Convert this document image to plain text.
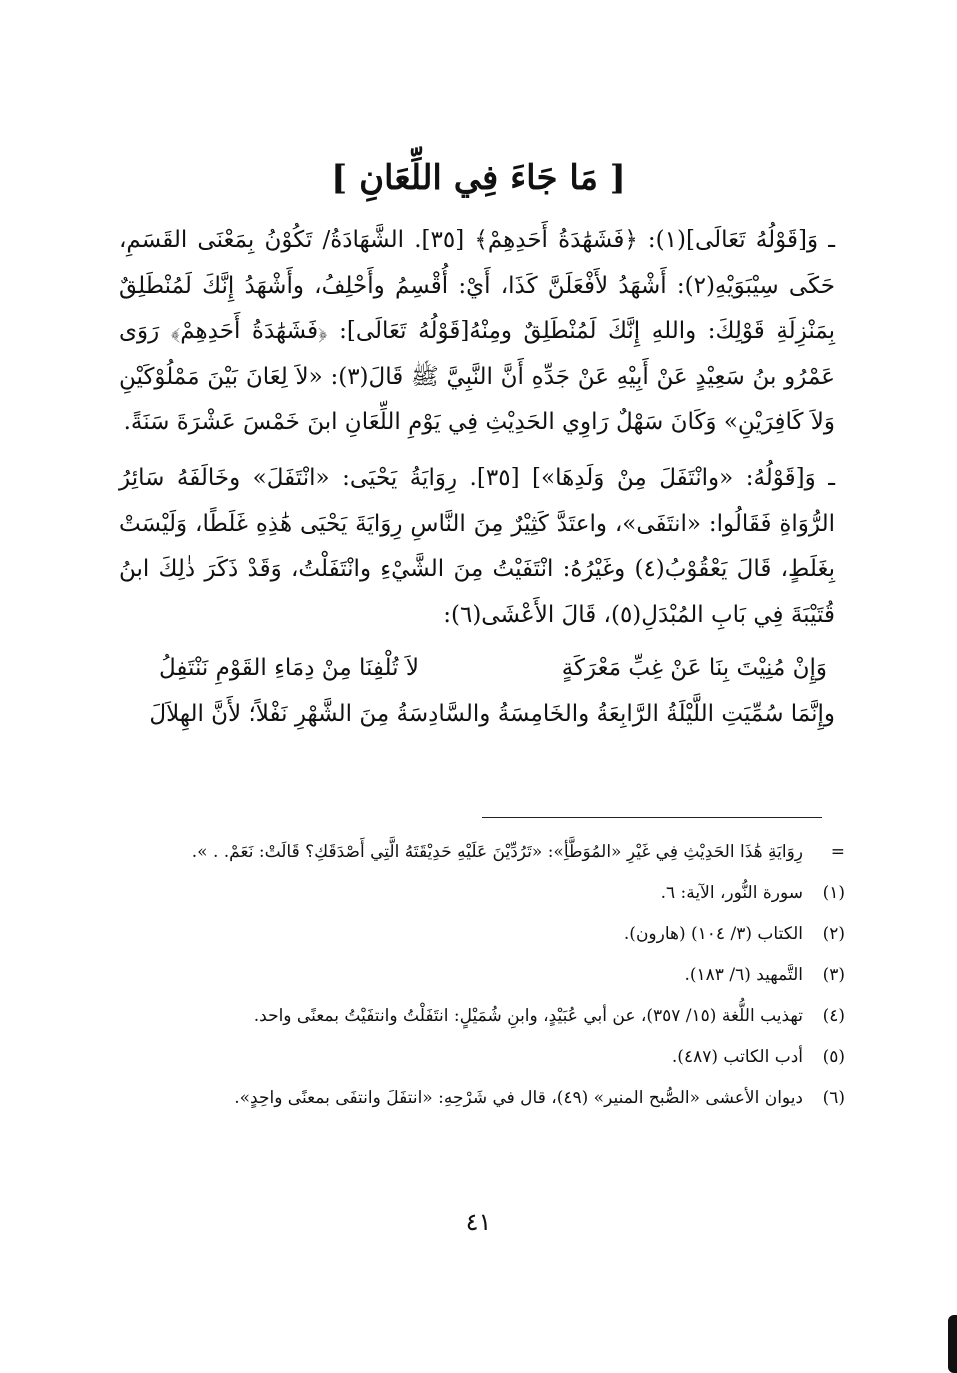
[ مَا جَاءَ فِي اللِّعَانِ ]

ـ وَ[قَوْلُهُ تَعَالَى](١): ﴿فَشَهَٰدَةُ أَحَدِهِمْ﴾ [٣٥]. الشَّهَادَةُ/ تَكُوْنُ بِمَعْنَى القَسَمِ، حَكَى سِيْبَوَيْهِ(٢): أَشْهَدُ لأَفْعَلَنَّ كَذَا، أَيْ: أُقْسِمُ وأَحْلِفُ، وأَشْهَدُ إِنَّكَ لَمُنْطَلِقٌ بِمَنْزِلَةِ قَوْلِكَ: واللهِ إِنَّكَ لَمُنْطَلِقٌ ومِنْهُ[قَوْلُهُ تَعَالَى]: ﴿فَشَهَٰدَةُ أَحَدِهِمْ﴾ رَوَى عَمْرُو بنُ سَعِيْدٍ عَنْ أَبِيْهِ عَنْ جَدِّهِ أَنَّ النَّبِيَّ ﷺ قَالَ(٣): «لاَ لِعَانَ بَيْنَ مَمْلُوْكَيْنِ وَلاَ كَافِرَيْنِ» وَكَانَ سَهْلٌ رَاوِي الحَدِيْثِ فِي يَوْمِ اللِّعَانِ ابنَ خَمْسَ عَشْرَةَ سَنَةً.

ـ وَ[قَوْلُهُ: «وانْتَفَلَ مِنْ وَلَدِهَا»] [٣٥]. رِوَايَةُ يَحْيَى: «انْتَفَلَ» وخَالَفَهُ سَائِرُ الرُّوَاةِ فَقَالُوا: «انتَفَى»، واعتَدَّ كَثِيْرٌ مِنَ النَّاسِ رِوَايَةَ يَحْيَى هَٰذِهِ غَلَطًا، وَلَيْسَتْ بِغَلَطٍ، قَالَ يَعْقُوْبُ(٤) وغَيْرُهُ: انْتَفَيْتُ مِنَ الشَّيْءِ وانْتَفَلْتُ، وَقَدْ ذَكَرَ ذٰلِكَ ابنُ قُتَيْبَةَ فِي بَابِ المُبْدَلِ(٥)، قَالَ الأَعْشَى(٦):

وَإِنْ مُنِيْتَ بِنَا عَنْ غِبِّ مَعْرَكَةٍ
لاَ تُلْفِنَا مِنْ دِمَاءِ القَوْمِ نَنْتَفِلُ

وإِنَّمَا سُمِّيَتِ اللَّيْلَةُ الرَّابِعَةُ والخَامِسَةُ والسَّادِسَةُ مِنَ الشَّهْرِ نَفْلاً؛ لأَنَّ الهِلاَلَ

=
رِوَايَةِ هَٰذَا الحَدِيْثِ فِي غَيْرِ «المُوَطَّأِ»: «تَرُدِّيْنَ عَلَيْهِ حَدِيْقَتَهُ الَّتِي أَصْدَقَكِ؟ قَالَتْ: نَعَمْ. . ».
(١)
سورة النُّور، الآية: ٦.
(٢)
الكتاب (٣/ ١٠٤) (هارون).
(٣)
التَّمهيد (٦/ ١٨٣).
(٤)
تهذيب اللُّغة (١٥/ ٣٥٧)، عن أبي عُبَيْدٍ، وابنِ شُمَيْلٍ: انتَفَلْتُ وانتفَيْتُ بمعنًى واحد.
(٥)
أدب الكاتب (٤٨٧).
(٦)
ديوان الأعشى «الصُّبح المنير» (٤٩)، قال في شَرْحِهِ: «انتفَلَ وانتفَى بمعنًى واحِدٍ».
٤١
